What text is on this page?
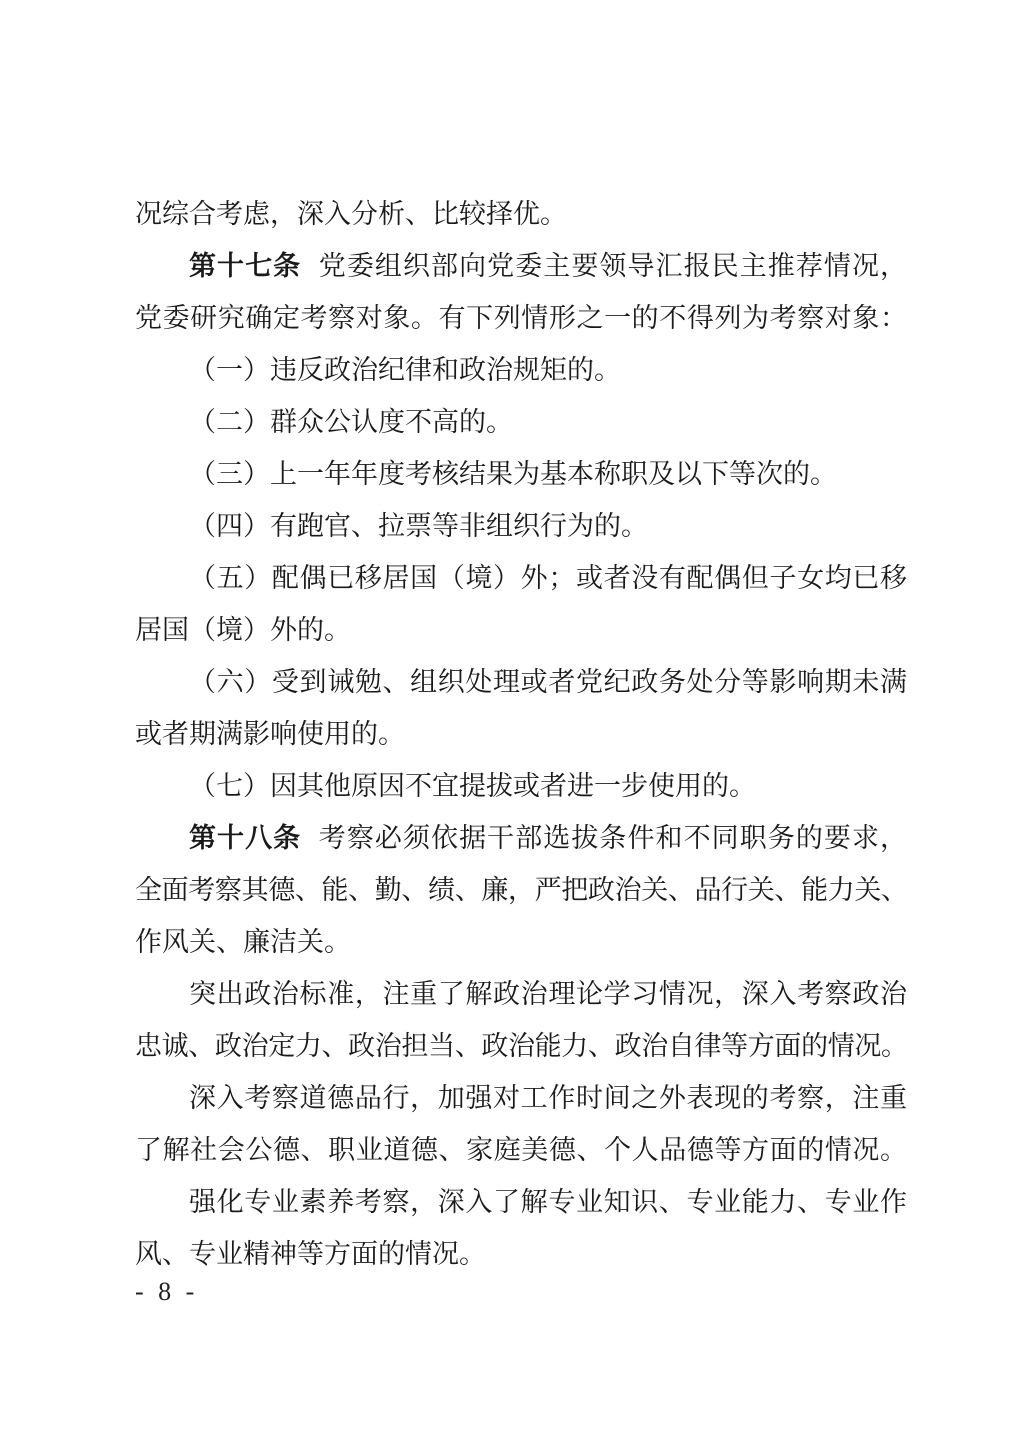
况综合考虑，深入分析、比较择优。

第十七条 党委组织部向党委主要领导汇报民主推荐情况，

党委研究确定考察对象。有下列情形之一的不得列为考察对象：

（一）违反政治纪律和政治规矩的。

（二）群众公认度不高的。

（三）上一年年度考核结果为基本称职及以下等次的。

（四）有跑官、拉票等非组织行为的。

（五）配偶已移居国（境）外；或者没有配偶但子女均已移

居国（境）外的。

（六）受到诫勉、组织处理或者党纪政务处分等影响期未满

或者期满影响使用的。

（七）因其他原因不宜提拔或者进一步使用的。

第十八条 考察必须依据干部选拔条件和不同职务的要求，

全面考察其德、能、勤、绩、廉，严把政治关、品行关、能力关、

作风关、廉洁关。

突出政治标准，注重了解政治理论学习情况，深入考察政治

忠诚、政治定力、政治担当、政治能力、政治自律等方面的情况。

深入考察道德品行，加强对工作时间之外表现的考察，注重

了解社会公德、职业道德、家庭美德、个人品德等方面的情况。

强化专业素养考察，深入了解专业知识、专业能力、专业作

风、专业精神等方面的情况。

- 8 -
